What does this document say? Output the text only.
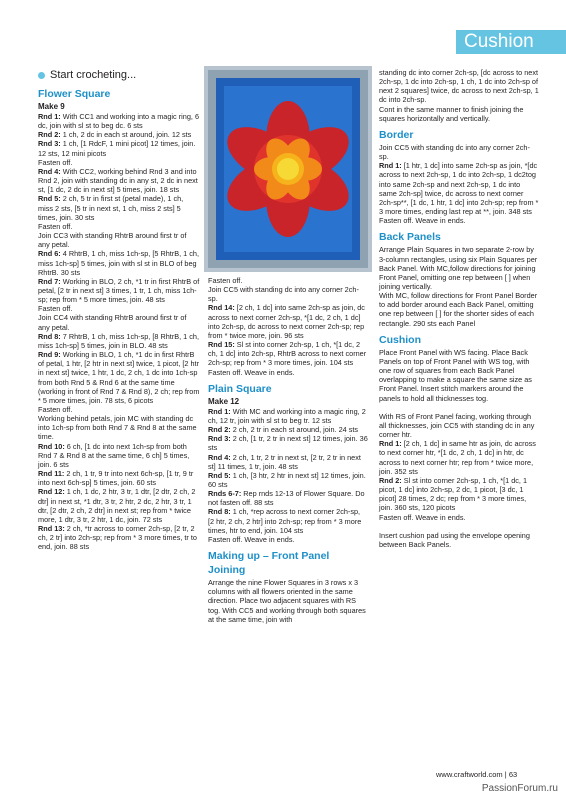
Cushion
Start crocheting...
Flower Square
Make 9

Rnd 1: With CC1 and working into a magic ring, 6 dc, join with sl st to beg dc. 6 sts

Rnd 2: 1 ch, 2 dc in each st around, join. 12 sts

Rnd 3: 1 ch, [1 RdcF, 1 mini picot] 12 times, join. 12 sts, 12 mini picots

Fasten off.

Rnd 4: With CC2, working behind Rnd 3 and into Rnd 2, join with standing dc in any st, 2 dc in next st, [1 dc, 2 dc in next st] 5 times, join. 18 sts

Rnd 5: 2 ch, 5 tr in first st (petal made), 1 ch, miss 2 sts, [5 tr in next st, 1 ch, miss 2 sts] 5 times, join. 30 sts

Fasten off.

Join CC3 with standing RhtrB around first tr of any petal.

Rnd 6: 4 RhtrB, 1 ch, miss 1ch-sp, [5 RhtrB, 1 ch, miss 1ch-sp] 5 times, join with sl st in BLO of beg RhtrB. 30 sts

Rnd 7: Working in BLO, 2 ch, *1 tr in first RhtrB of petal, [2 tr in next st] 3 times, 1 tr, 1 ch, miss 1ch-sp; rep from * 5 more times, join. 48 sts

Fasten off.

Join CC4 with standing RhtrB around first tr of any petal.

Rnd 8: 7 RhtrB, 1 ch, miss 1ch-sp, [8 RhtrB, 1 ch, miss 1ch-sp] 5 times, join in BLO. 48 sts

Rnd 9: Working in BLO, 1 ch, *1 dc in first RhtrB of petal, 1 htr, [2 htr in next st] twice, 1 picot, [2 htr in next st] twice, 1 htr, 1 dc, 2 ch, 1 dc into 1ch-sp from both Rnd 5 & Rnd 6 at the same time (working in front of Rnd 7 & Rnd 8), 2 ch; rep from * 5 more times, join. 78 sts, 6 picots

Fasten off.

Working behind petals, join MC with standing dc into 1ch-sp from both Rnd 7 & Rnd 8 at the same time.

Rnd 10: 6 ch, [1 dc into next 1ch-sp from both Rnd 7 & Rnd 8 at the same time, 6 ch] 5 times, join. 6 sts

Rnd 11: 2 ch, 1 tr, 9 tr into next 6ch-sp, [1 tr, 9 tr into next 6ch-sp] 5 times, join. 60 sts

Rnd 12: 1 ch, 1 dc, 2 htr, 3 tr, 1 dtr, [2 dtr, 2 ch, 2 dtr] in next st, *1 dtr, 3 tr, 2 htr, 2 dc, 2 htr, 3 tr, 1 dtr, [2 dtr, 2 ch, 2 dtr] in next st; rep from * twice more, 1 dtr, 3 tr, 2 htr, 1 dc, join. 72 sts

Rnd 13: 2 ch, *tr across to corner 2ch-sp, [2 tr, 2 ch, 2 tr] into 2ch-sp; rep from * 3 more times, tr to end, join. 88 sts

Fasten off.

Join CC5 with standing dc into any corner 2ch-sp.

Rnd 14: [2 ch, 1 dc] into same 2ch-sp as join, dc across to next corner 2ch-sp, *[1 dc, 2 ch, 1 dc] into 2ch-sp, dc across to next corner 2ch-sp; rep from * twice more, join. 96 sts

Rnd 15: Sl st into corner 2ch-sp, 1 ch, *[1 dc, 2 ch, 1 dc] into 2ch-sp, RhtrB across to next corner 2ch-sp; rep from * 3 more times, join. 104 sts

Fasten off. Weave in ends.

Plain Square
Make 12

Rnd 1: With MC and working into a magic ring, 2 ch, 12 tr, join with sl st to beg tr. 12 sts

Rnd 2: 2 ch, 2 tr in each st around, join. 24 sts

Rnd 3: 2 ch, [1 tr, 2 tr in next st] 12 times, join. 36 sts

Rnd 4: 2 ch, 1 tr, 2 tr in next st, [2 tr, 2 tr in next st] 11 times, 1 tr, join. 48 sts

Rnd 5: 1 ch, [3 htr, 2 htr in next st] 12 times, join. 60 sts

Rnds 6-7: Rep rnds 12-13 of Flower Square. Do not fasten off. 88 sts

Rnd 8: 1 ch, *rep across to next corner 2ch-sp, [2 htr, 2 ch, 2 htr] into 2ch-sp; rep from * 3 more times, htr to end, join. 104 sts

Fasten off. Weave in ends.

Making up – Front Panel
Joining

Arrange the nine Flower Squares in 3 rows x 3 columns with all flowers oriented in the same direction. Place two adjacent squares with RS tog. With CC5 and working through both squares at the same time, join with

standing dc into corner 2ch-sp, [dc across to next 2ch-sp, 1 dc into 2ch-sp, 1 ch, 1 dc into 2ch-sp of next 2 squares] twice, dc across to next 2ch-sp, 1 dc into 2ch-sp.

Cont in the same manner to finish joining the squares horizontally and vertically.

Border

Join CC5 with standing dc into any corner 2ch-sp.

Rnd 1: [1 htr, 1 dc] into same 2ch-sp as join, *[dc across to next 2ch-sp, 1 dc into 2ch-sp, 1 dc2tog into same 2ch-sp and next 2ch-sp, 1 dc into same 2ch-sp] twice, dc across to next corner 2ch-sp**, [1 dc, 1 htr, 1 dc] into 2ch-sp; rep from * 3 more times, ending last rep at **, join. 348 sts

Fasten off. Weave in ends.

Back Panels

Arrange Plain Squares in two separate 2-row by 3-column rectangles, using six Plain Squares per Back Panel. With MC,follow directions for joining Front Panel, omitting one rep between [ ] when joining vertically.

With MC, follow directions for Front Panel Border to add border around each Back Panel, omitting one rep between [ ] for the shorter sides of each rectangle. 290 sts each Panel

Cushion

Place Front Panel with WS facing. Place Back Panels on top of Front Panel with WS tog, with one row of squares from each Back Panel overlapping to make a square the same size as Front Panel. Insert stitch markers around the panels to hold all thicknesses tog.

With RS of Front Panel facing, working through all thicknesses, join CC5 with standing dc in any corner htr.

Rnd 1: [2 ch, 1 dc] in same htr as join, dc across to next corner htr, *[1 dc, 2 ch, 1 dc] in htr, dc across to next corner htr; rep from * twice more, join. 352 sts

Rnd 2: Sl st into corner 2ch-sp, 1 ch, *[1 dc, 1 picot, 1 dc] into 2ch-sp, 2 dc, 1 picot, [3 dc, 1 picot] 28 times, 2 dc; rep from * 3 more times, join. 360 sts, 120 picots

Fasten off. Weave in ends.

Insert cushion pad using the envelope opening between Back Panels.

www.craftworld.com | 63
PassionForum.ru
